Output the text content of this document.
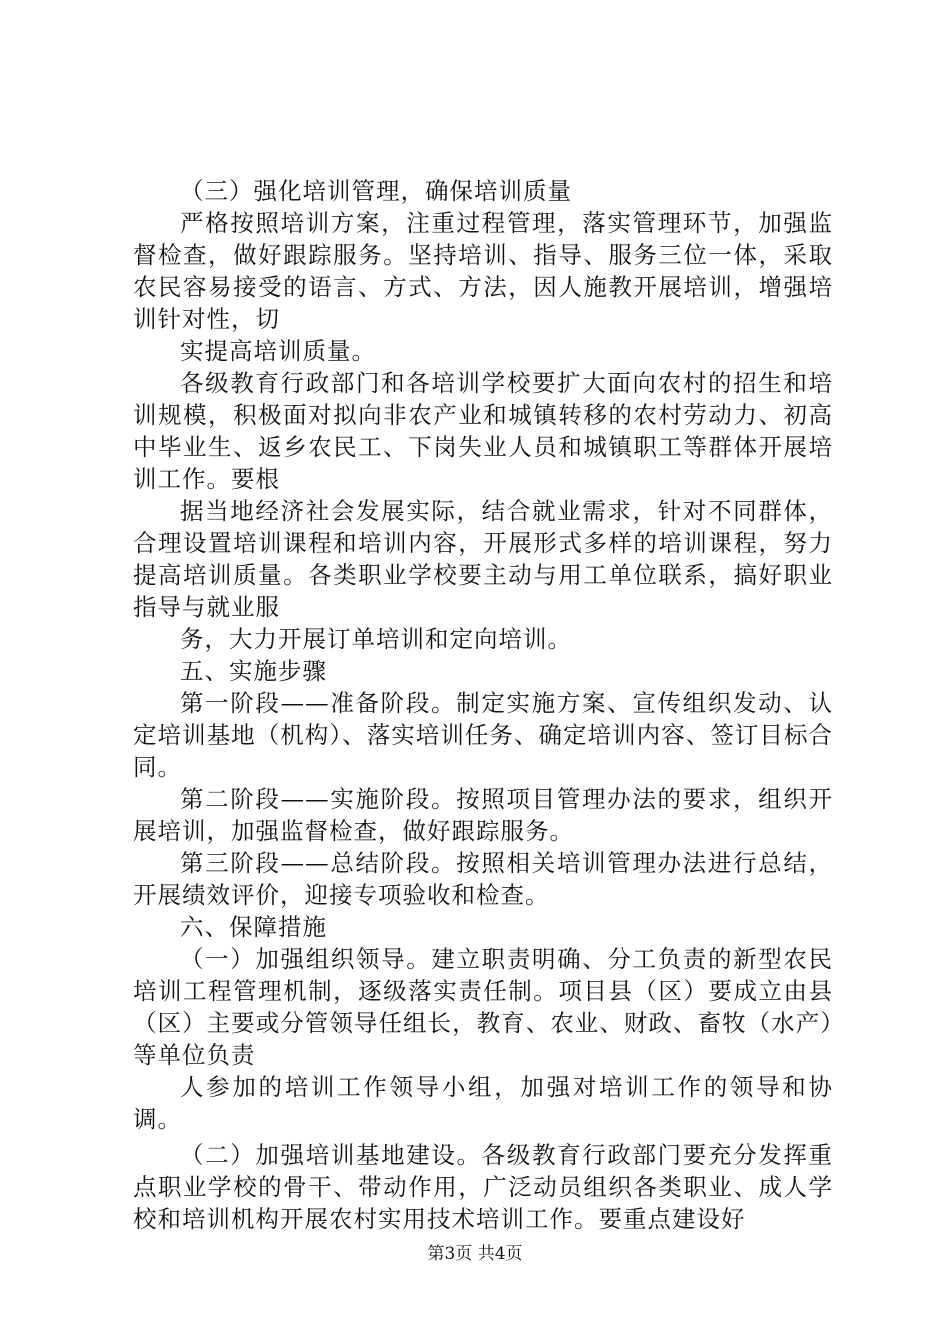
（三）强化培训管理，确保培训质量

严格按照培训方案，注重过程管理，落实管理环节，加强监督检查，做好跟踪服务。坚持培训、指导、服务三位一体，采取农民容易接受的语言、方式、方法，因人施教开展培训，增强培训针对性，切

实提高培训质量。

各级教育行政部门和各培训学校要扩大面向农村的招生和培训规模，积极面对拟向非农产业和城镇转移的农村劳动力、初高中毕业生、返乡农民工、下岗失业人员和城镇职工等群体开展培训工作。要根

据当地经济社会发展实际，结合就业需求，针对不同群体，合理设置培训课程和培训内容，开展形式多样的培训课程，努力提高培训质量。各类职业学校要主动与用工单位联系，搞好职业指导与就业服

务，大力开展订单培训和定向培训。

五、实施步骤

第一阶段——准备阶段。制定实施方案、宣传组织发动、认定培训基地（机构）、落实培训任务、确定培训内容、签订目标合同。

第二阶段——实施阶段。按照项目管理办法的要求，组织开展培训，加强监督检查，做好跟踪服务。

第三阶段——总结阶段。按照相关培训管理办法进行总结，开展绩效评价，迎接专项验收和检查。

六、保障措施

（一）加强组织领导。建立职责明确、分工负责的新型农民培训工程管理机制，逐级落实责任制。项目县（区）要成立由县（区）主要或分管领导任组长，教育、农业、财政、畜牧（水产）等单位负责

人参加的培训工作领导小组，加强对培训工作的领导和协调。

（二）加强培训基地建设。各级教育行政部门要充分发挥重点职业学校的骨干、带动作用，广泛动员组织各类职业、成人学校和培训机构开展农村实用技术培训工作。要重点建设好

第3页 共4页
